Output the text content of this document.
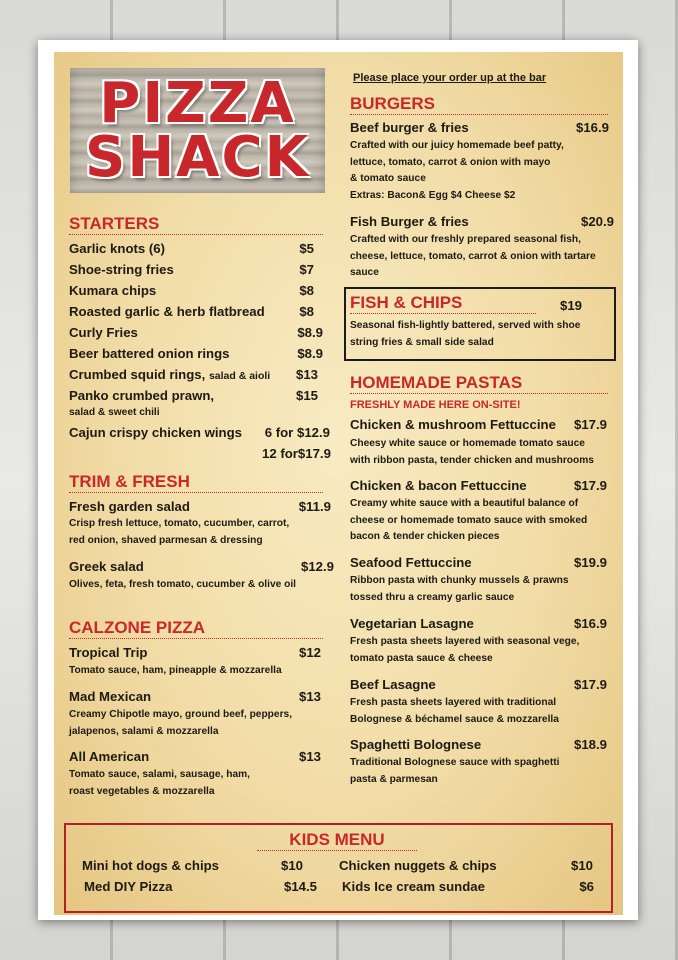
PIZZA
SHACK
STARTERS
Garlic knots (6)	$5
Shoe-string fries	$7
Kumara chips	$8
Roasted garlic & herb flatbread	$8
Curly Fries	$8.9
Beer battered onion rings	$8.9
Crumbed squid rings, salad & aioli $13
Panko crumbed prawn,	$15
salad & sweet chili
Cajun crispy chicken wings 6 for $12.9
12 for $17.9
TRIM & FRESH
Fresh garden salad	$11.9
Crisp fresh lettuce, tomato, cucumber, carrot,
red onion, shaved parmesan & dressing
Greek salad	$12.9
Olives, feta, fresh tomato, cucumber & olive oil
CALZONE PIZZA
Tropical Trip	$12
Tomato sauce, ham, pineapple & mozzarella
Mad Mexican	$13
Creamy Chipotle mayo, ground beef, peppers,
jalapenos, salami & mozzarella
All American	$13
Tomato sauce, salami, sausage, ham,
roast vegetables & mozzarella
Please place your order up at the bar
BURGERS
Beef burger & fries	$16.9
Crafted with our juicy homemade beef patty,
lettuce, tomato, carrot & onion with mayo
& tomato sauce
Extras: Bacon& Egg $4 Cheese $2
Fish Burger & fries	$20.9
Crafted with our freshly prepared seasonal fish,
cheese, lettuce, tomato, carrot & onion with tartare
sauce
FISH & CHIPS	$19
Seasonal fish-lightly battered, served with shoe
string fries & small side salad
HOMEMADE PASTAS
FRESHLY MADE HERE ON-SITE!
Chicken & mushroom Fettuccine $17.9
Cheesy white sauce or homemade tomato sauce
with ribbon pasta, tender chicken and mushrooms
Chicken & bacon Fettuccine	$17.9
Creamy white sauce with a beautiful balance of
cheese or homemade tomato sauce with smoked
bacon & tender chicken pieces
Seafood Fettuccine	$19.9
Ribbon pasta with chunky mussels & prawns
tossed thru a creamy garlic sauce
Vegetarian Lasagne	$16.9
Fresh pasta sheets layered with seasonal vege,
tomato pasta sauce & cheese
Beef Lasagne	$17.9
Fresh pasta sheets layered with traditional
Bolognese & béchamel sauce & mozzarella
Spaghetti Bolognese	$18.9
Traditional Bolognese sauce with spaghetti
pasta & parmesan
KIDS MENU
Mini hot dogs & chips	$10
Med DIY Pizza	$14.5
Chicken nuggets & chips	$10
Kids Ice cream sundae	$6
